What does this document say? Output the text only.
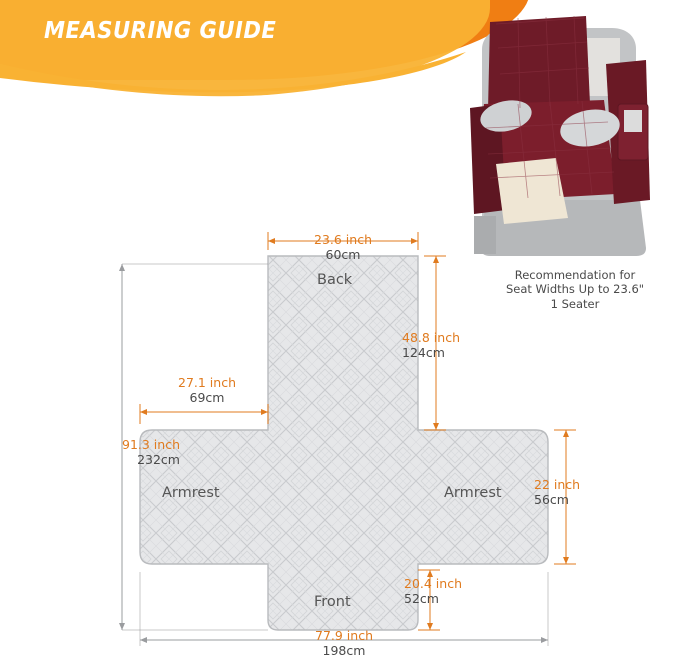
MEASURING GUIDE
Recommendation for
Seat Widths Up to 23.6"
1 Seater
23.6 inch
60cm
48.8 inch
124cm
27.1 inch
69cm
91.3 inch
232cm
22 inch
56cm
20.4 inch
52cm
77.9 inch
198cm
Back
Front
Armrest	Armrest
